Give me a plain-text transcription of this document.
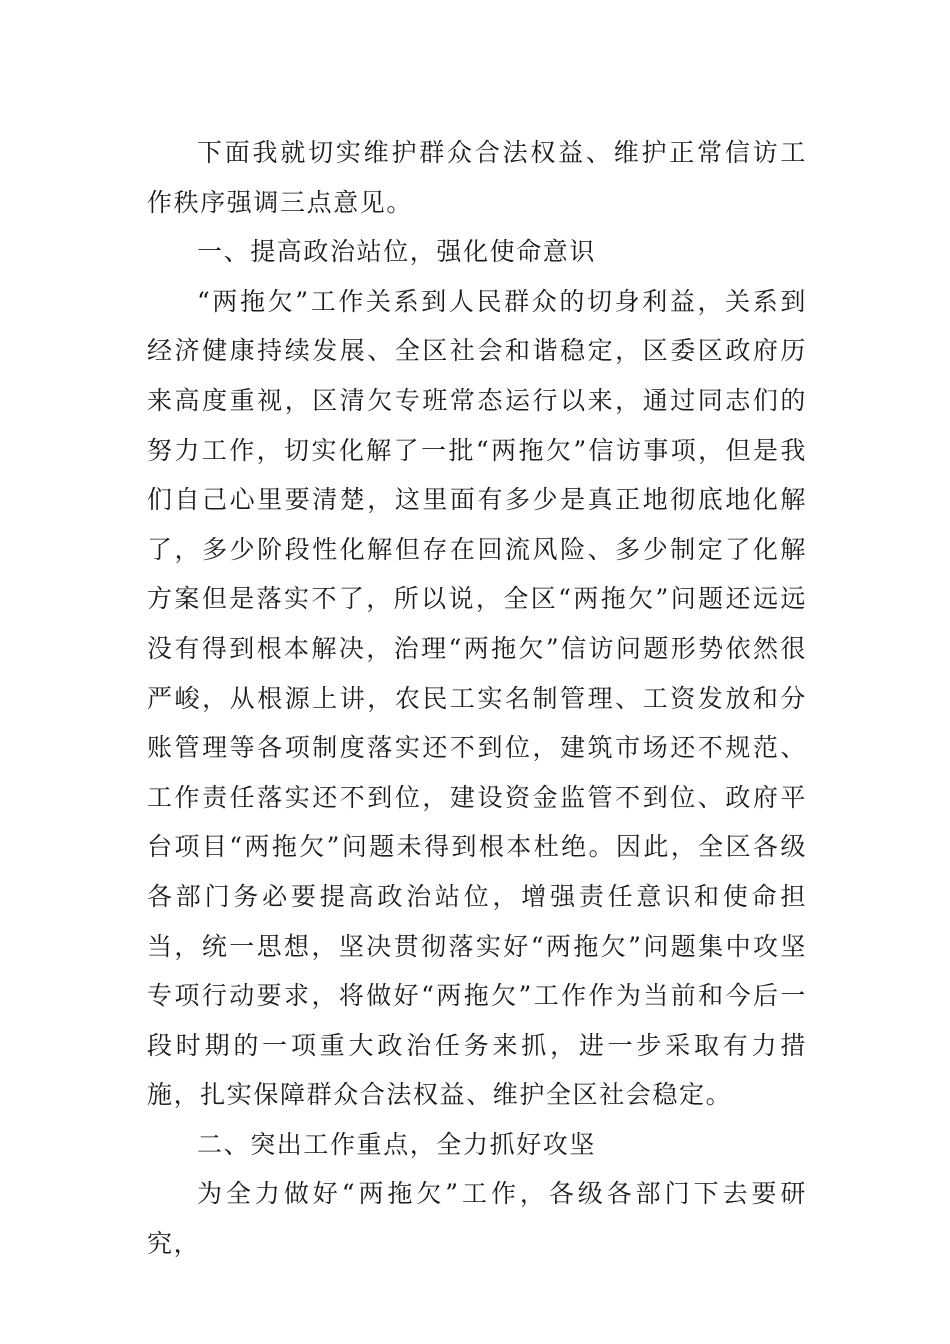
下面我就切实维护群众合法权益、维护正常信访工作秩序强调三点意见。

一、提高政治站位，强化使命意识

“两拖欠”工作关系到人民群众的切身利益，关系到经济健康持续发展、全区社会和谐稳定，区委区政府历来高度重视，区清欠专班常态运行以来，通过同志们的努力工作，切实化解了一批“两拖欠”信访事项，但是我们自己心里要清楚，这里面有多少是真正地彻底地化解了，多少阶段性化解但存在回流风险、多少制定了化解方案但是落实不了，所以说，全区“两拖欠”问题还远远没有得到根本解决，治理“两拖欠”信访问题形势依然很严峻，从根源上讲，农民工实名制管理、工资发放和分账管理等各项制度落实还不到位，建筑市场还不规范、工作责任落实还不到位，建设资金监管不到位、政府平台项目“两拖欠”问题未得到根本杜绝。因此，全区各级各部门务必要提高政治站位，增强责任意识和使命担当，统一思想，坚决贯彻落实好“两拖欠”问题集中攻坚专项行动要求，将做好“两拖欠”工作作为当前和今后一段时期的一项重大政治任务来抓，进一步采取有力措施，扎实保障群众合法权益、维护全区社会稳定。

二、突出工作重点，全力抓好攻坚

为全力做好“两拖欠”工作，各级各部门下去要研究，
